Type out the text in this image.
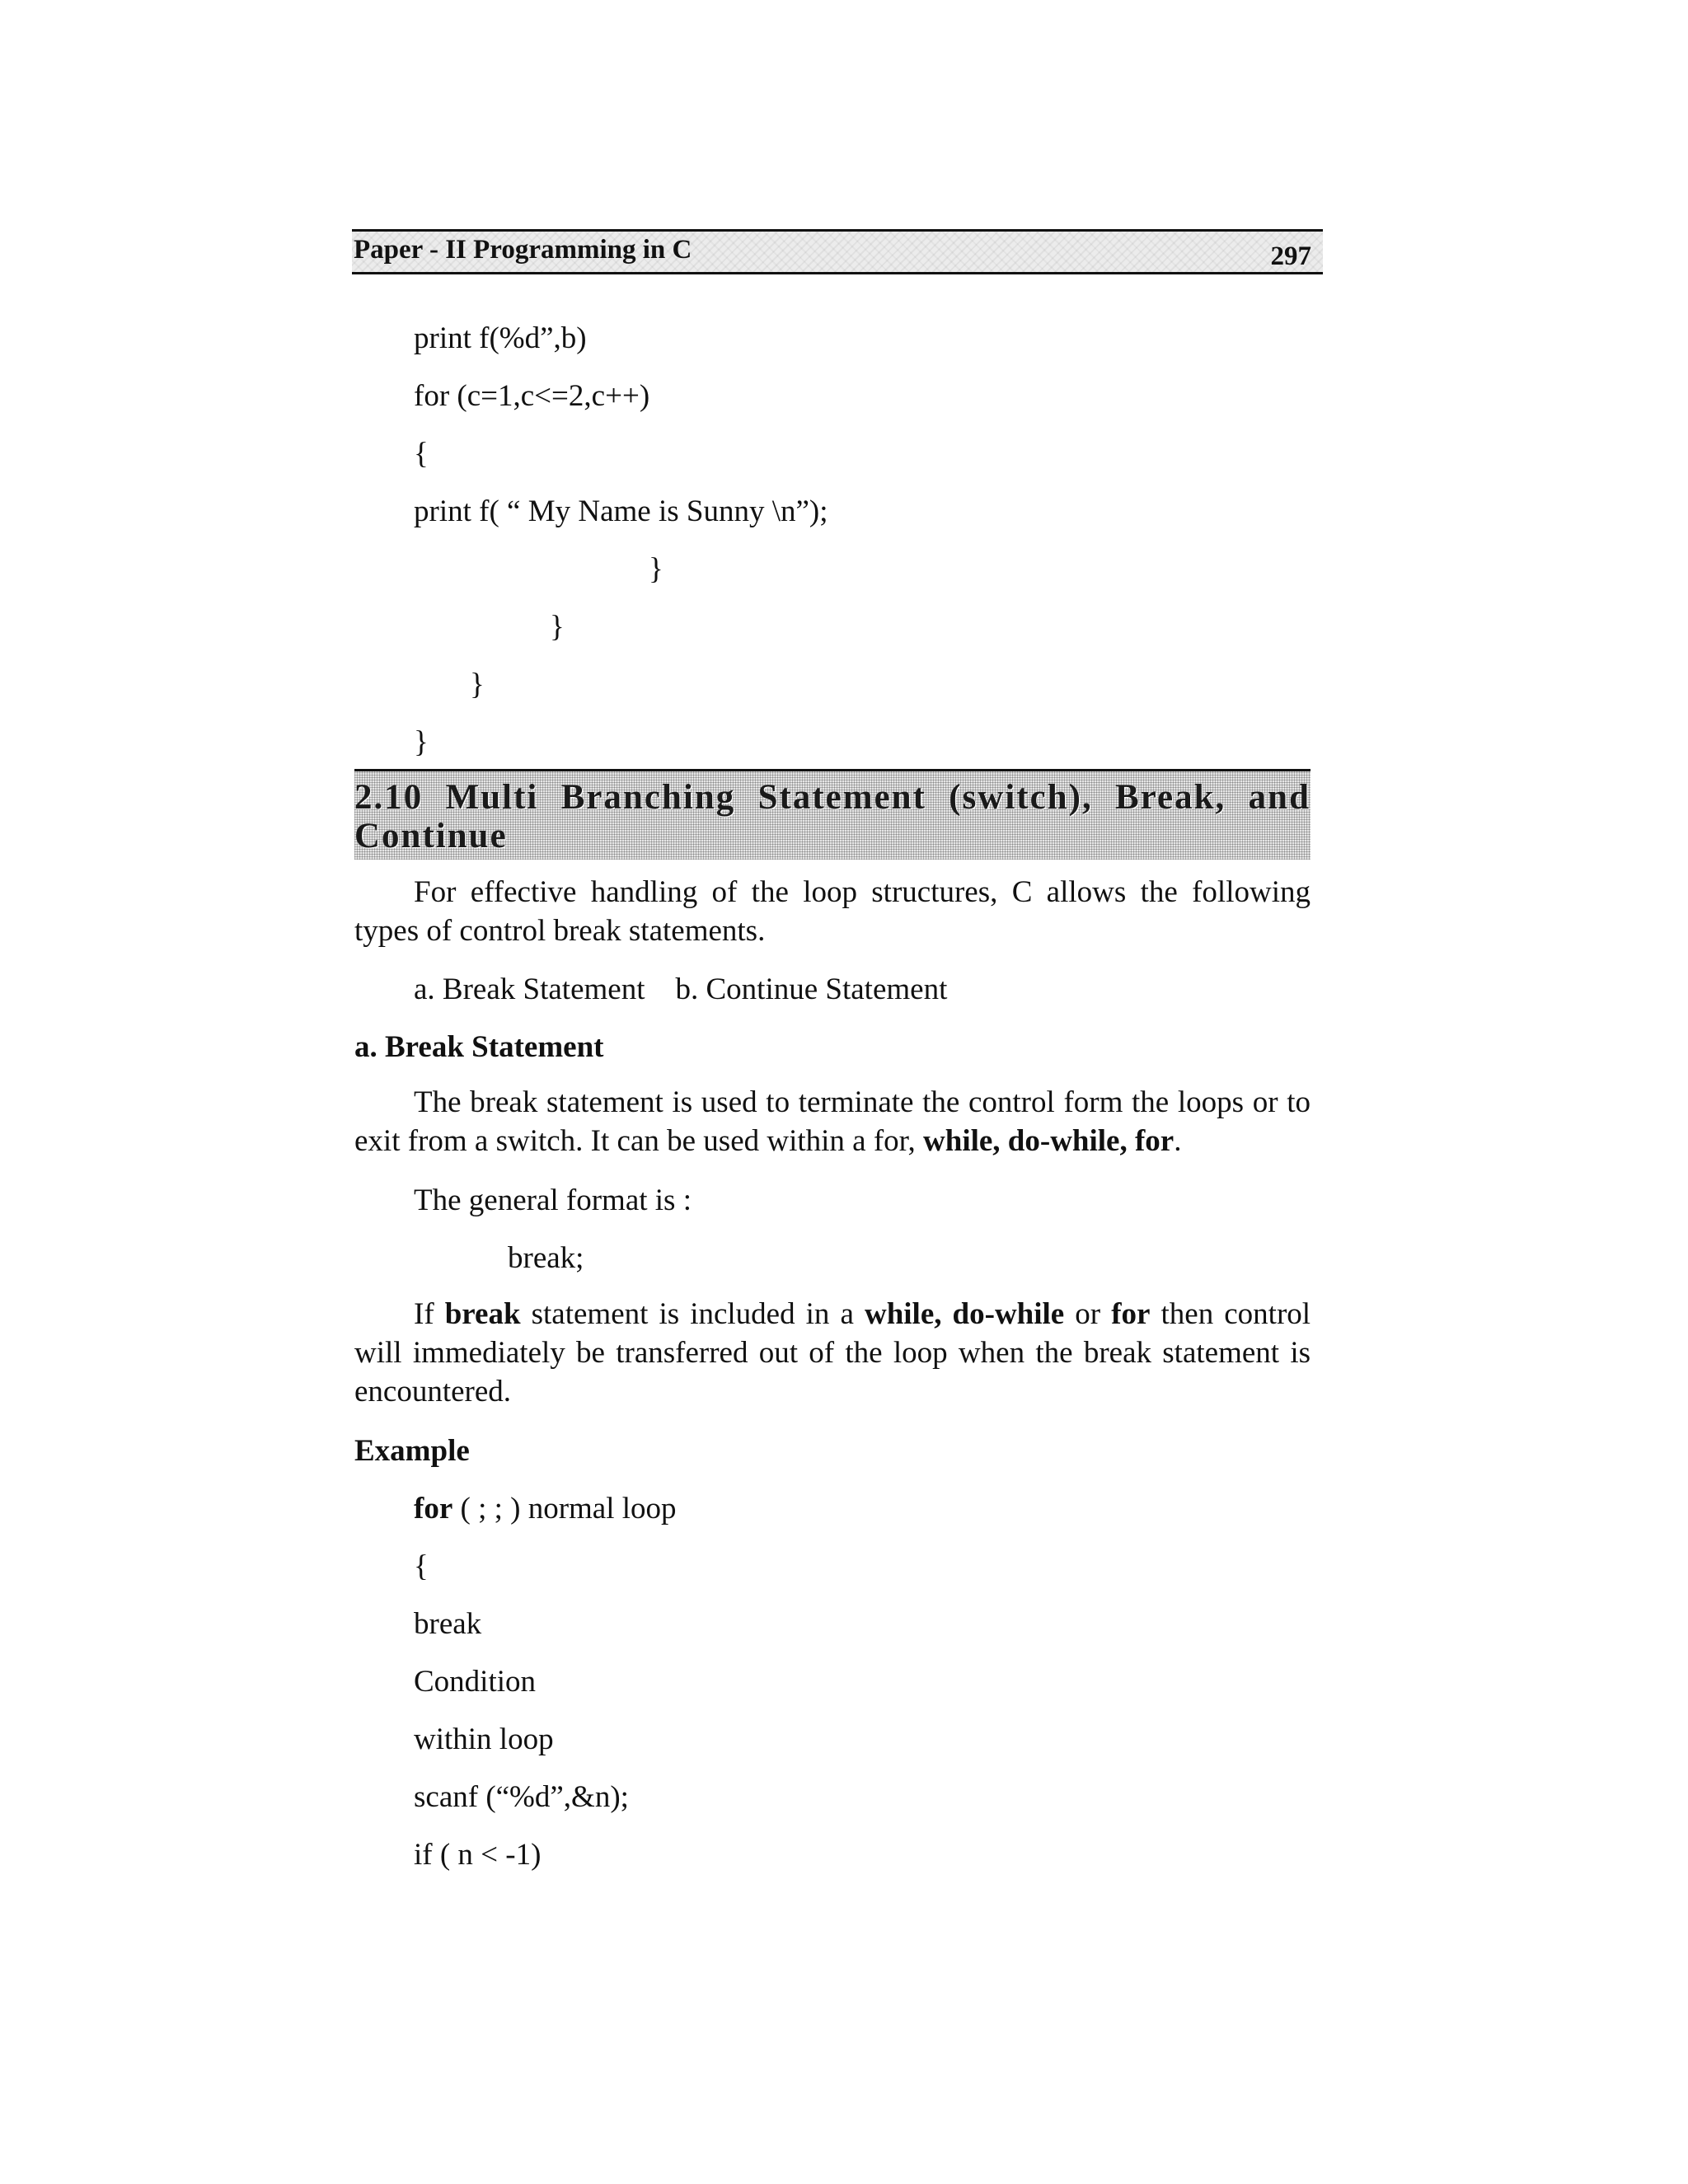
Paper - II Programming in C	297
print f(%d”,b)
for (c=1,c<=2,c++)
{
print f( “ My Name is Sunny \n”);
}
}
}
}
2.10 Multi Branching Statement (switch), Break, and Continue
For effective handling of the loop structures, C allows the following types of control break statements.
a. Break Statement    b. Continue Statement
a. Break Statement
The break statement is used to terminate the control form the loops or to exit from a switch. It can be used within a for, while, do-while, for.
The general format is :
break;
If break statement is included in a while, do-while or for then control will immediately be transferred out of the loop when the break statement is encountered.
Example
for ( ; ; ) normal loop
{
break
Condition
within loop
scanf (“%d”,&n);
if ( n < -1)
